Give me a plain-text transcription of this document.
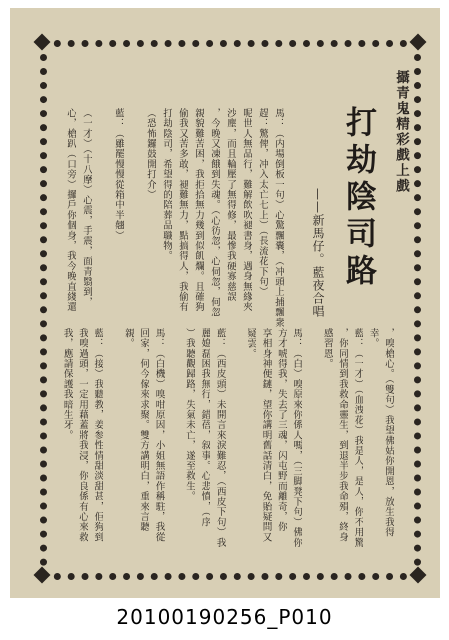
攝青鬼精彩戲上戲
打劫陰司路
——新馬仔。藍夜合唱
馬：（内場倒板一句）心驚飄囊，（冲頭上捕飄衆
趕：驚俾，冲入太亡七上）（長流花下句）
呢世人無品行，難解飲吹褪書身，遇身無緣夾
沙塵，而且輪壓了無得修，最慘我硬寡慈誤
，今晚又凍餓到失魂。（心彷忽，心伺忽，何忽
親貌難苦困，我拒拾無力幾到似飢爛。且確狗
偷我又苦多敢，褪難無力，點搞得人，我偷有
打劫陰司，希望得的陪葬品職物。
（恐怖鑼鼓開打介）
藍：（雖罷慢慢從箱中半翹）
（一才）（十八摩）心震，手震，面青翳到，
心，槍趴（口旁）攞戶你個身，我今晚直綫還
，嗅槍心。（雙句）我望佛姑你開恩，放生我得
幸。
藍：（一才）（血洩花）我是人，是人，你不用驚
，你同情到我救命靈生，到退半步我命殞，終身
感習恩。
馬：（白）嗅原來你係人嗎，（三脚凳下句）佛你
方才唬得我，失去了三魂，闪屯野而離奇，你
享相身神便鏈，望你講明舊話清白，免貽疑問又
疑雲。
藍：（西皮頭）未開言來淚難忍，（西皮下句）我
麗媳磊困我無行，錯蓓，叙事。心悲憤，（序
）我聽觀歸路，失氣未亡，遂至救生。
馬：（白機）嗅咁原因，小姐無語作稱駐，我從
回家，何今傢來求聚。雙方講明白，重來言聽
親。
藍：（接）我聽教，姜参性情甜淡甜甚，佢狗到
我嗅過頭，一定用藉蓋將我浸，你良係有心來救
我，應請保護我暗生牙。
20100190256_P010
